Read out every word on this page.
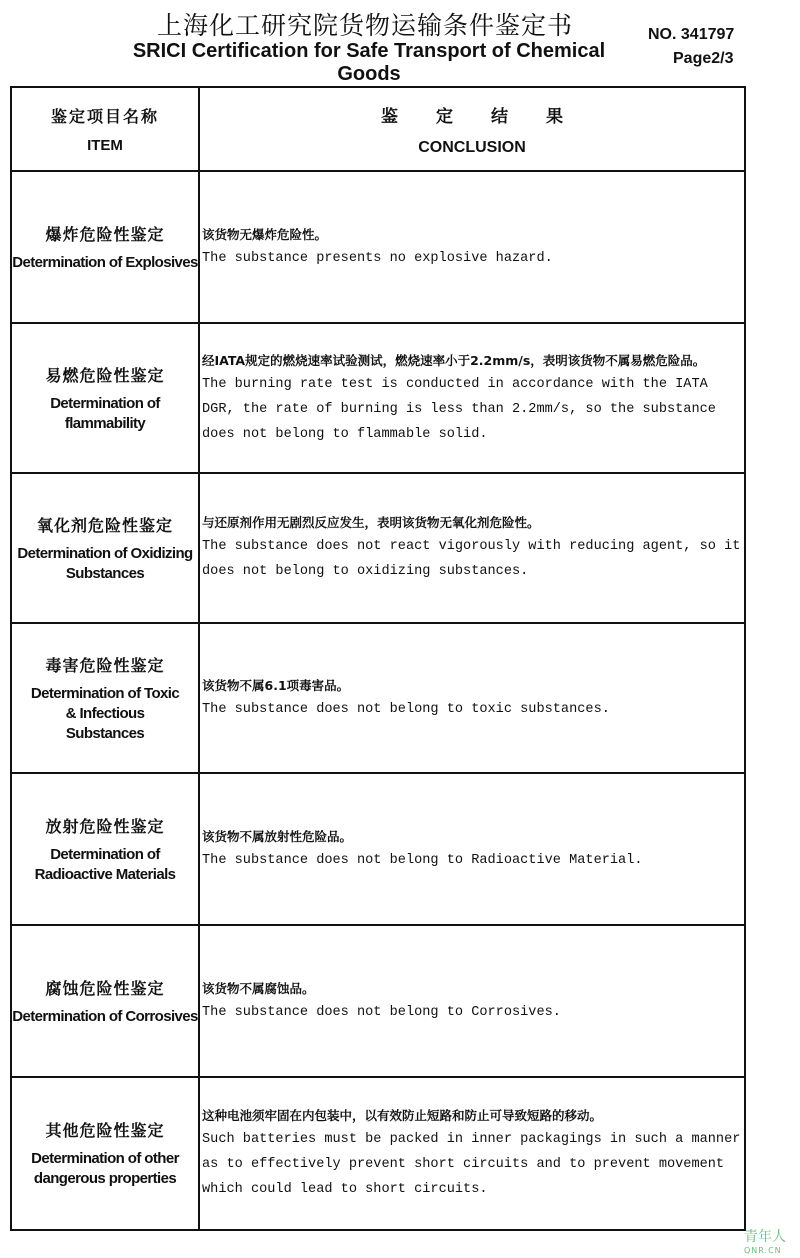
上海化工研究院货物运输条件鉴定书
SRICI Certification for Safe Transport of Chemical Goods
NO. 341797
Page2/3
鉴定项目名称
ITEM
鉴定结果
CONCLUSION
爆炸危险性鉴定
Determination of Explosives
该货物无爆炸危险性。
The substance presents no explosive hazard.
易燃危险性鉴定
Determination of flammability
经IATA规定的燃烧速率试验测试，燃烧速率小于2.2mm/s，表明该货物不属易燃危险品。
The burning rate test is conducted in accordance with the IATA DGR, the rate of burning is less than 2.2mm/s, so the substance does not belong to flammable solid.
氧化剂危险性鉴定
Determination of Oxidizing Substances
与还原剂作用无剧烈反应发生，表明该货物无氧化剂危险性。
The substance does not react vigorously with reducing agent, so it does not belong to oxidizing substances.
毒害危险性鉴定
Determination of Toxic & Infectious Substances
该货物不属6.1项毒害品。
The substance does not belong to toxic substances.
放射危险性鉴定
Determination of Radioactive Materials
该货物不属放射性危险品。
The substance does not belong to Radioactive Material.
腐蚀危险性鉴定
Determination of Corrosives
该货物不属腐蚀品。
The substance does not belong to Corrosives.
其他危险性鉴定
Determination of other dangerous properties
这种电池须牢固在内包装中，以有效防止短路和防止可导致短路的移动。
Such batteries must be packed in inner packagings in such a manner as to effectively prevent short circuits and to prevent movement which could lead to short circuits.
青年人
QNR.CN
